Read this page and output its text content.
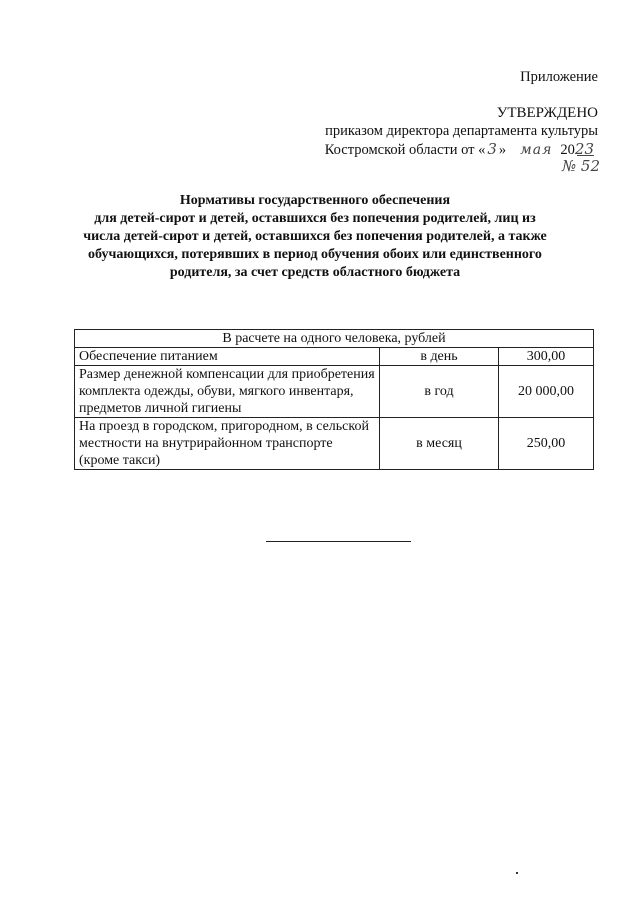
Приложение
УТВЕРЖДЕНО
приказом директора департамента культуры
Костромской области от « 3 » мая 2023
№ 52
Нормативы государственного обеспечения
для детей-сирот и детей, оставшихся без попечения родителей, лиц из
числа детей-сирот и детей, оставшихся без попечения родителей, а также
обучающихся, потерявших в период обучения обоих или единственного
родителя, за счет средств областного бюджета
В расчете на одного человека, рублей		
Обеспечение питанием	в день	300,00
Размер денежной компенсации для приобретения комплекта одежды, обуви, мягкого инвентаря, предметов личной гигиены	в год	20 000,00
На проезд в городском, пригородном, в сельской местности на внутрирайонном транспорте (кроме такси)	в месяц	250,00
